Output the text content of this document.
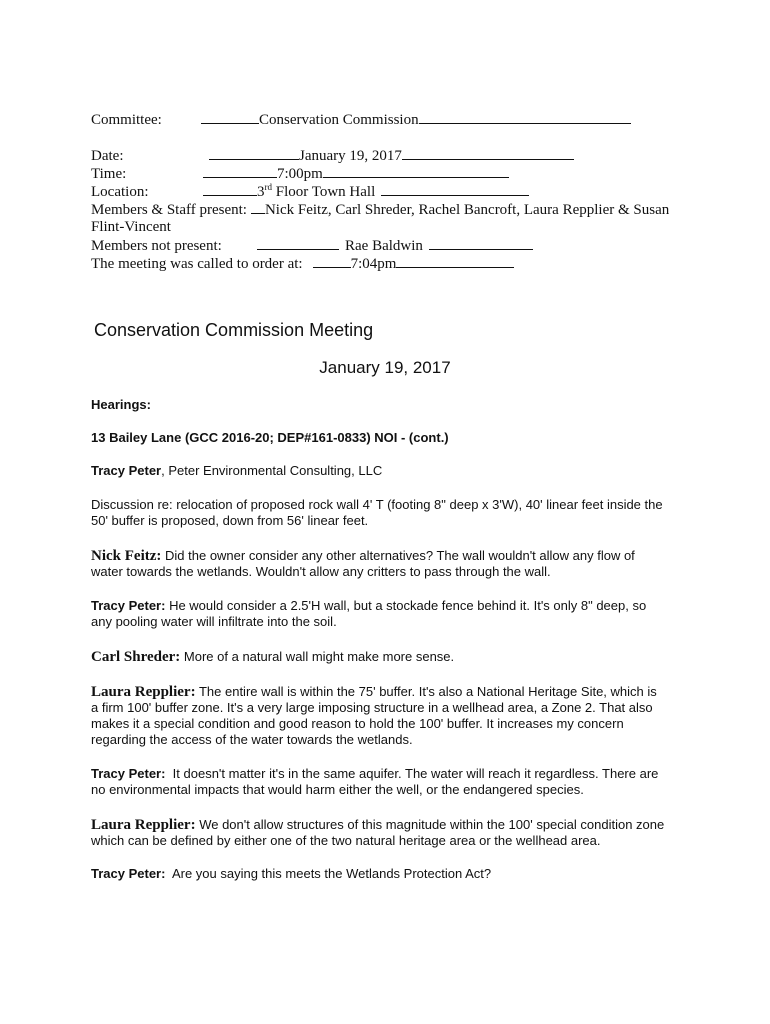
Committee:	Conservation Commission
Date:	January 19, 2017
Time:	7:00pm
Location:	3rd Floor Town Hall
Members & Staff present: Nick Feitz, Carl Shreder, Rachel Bancroft, Laura Repplier & Susan
Flint-Vincent
Members not present:	Rae Baldwin
The meeting was called to order at:	7:04pm
Conservation Commission Meeting
January 19, 2017
Hearings:
13 Bailey Lane (GCC 2016-20; DEP#161-0833) NOI - (cont.)
Tracy Peter, Peter Environmental Consulting, LLC
Discussion re: relocation of proposed rock wall 4' T (footing 8" deep x 3'W), 40' linear feet inside the
50' buffer is proposed, down from 56' linear feet.
Nick Feitz: Did the owner consider any other alternatives? The wall wouldn't allow any flow of
water towards the wetlands. Wouldn't allow any critters to pass through the wall.
Tracy Peter: He would consider a 2.5'H wall, but a stockade fence behind it. It's only 8" deep, so
any pooling water will infiltrate into the soil.
Carl Shreder: More of a natural wall might make more sense.
Laura Repplier: The entire wall is within the 75' buffer. It's also a National Heritage Site, which is
a firm 100' buffer zone. It's a very large imposing structure in a wellhead area, a Zone 2. That also
makes it a special condition and good reason to hold the 100' buffer. It increases my concern
regarding the access of the water towards the wetlands.
Tracy Peter: It doesn't matter it's in the same aquifer. The water will reach it regardless. There are
no environmental impacts that would harm either the well, or the endangered species.
Laura Repplier: We don't allow structures of this magnitude within the 100' special condition zone
which can be defined by either one of the two natural heritage area or the wellhead area.
Tracy Peter: Are you saying this meets the Wetlands Protection Act?
